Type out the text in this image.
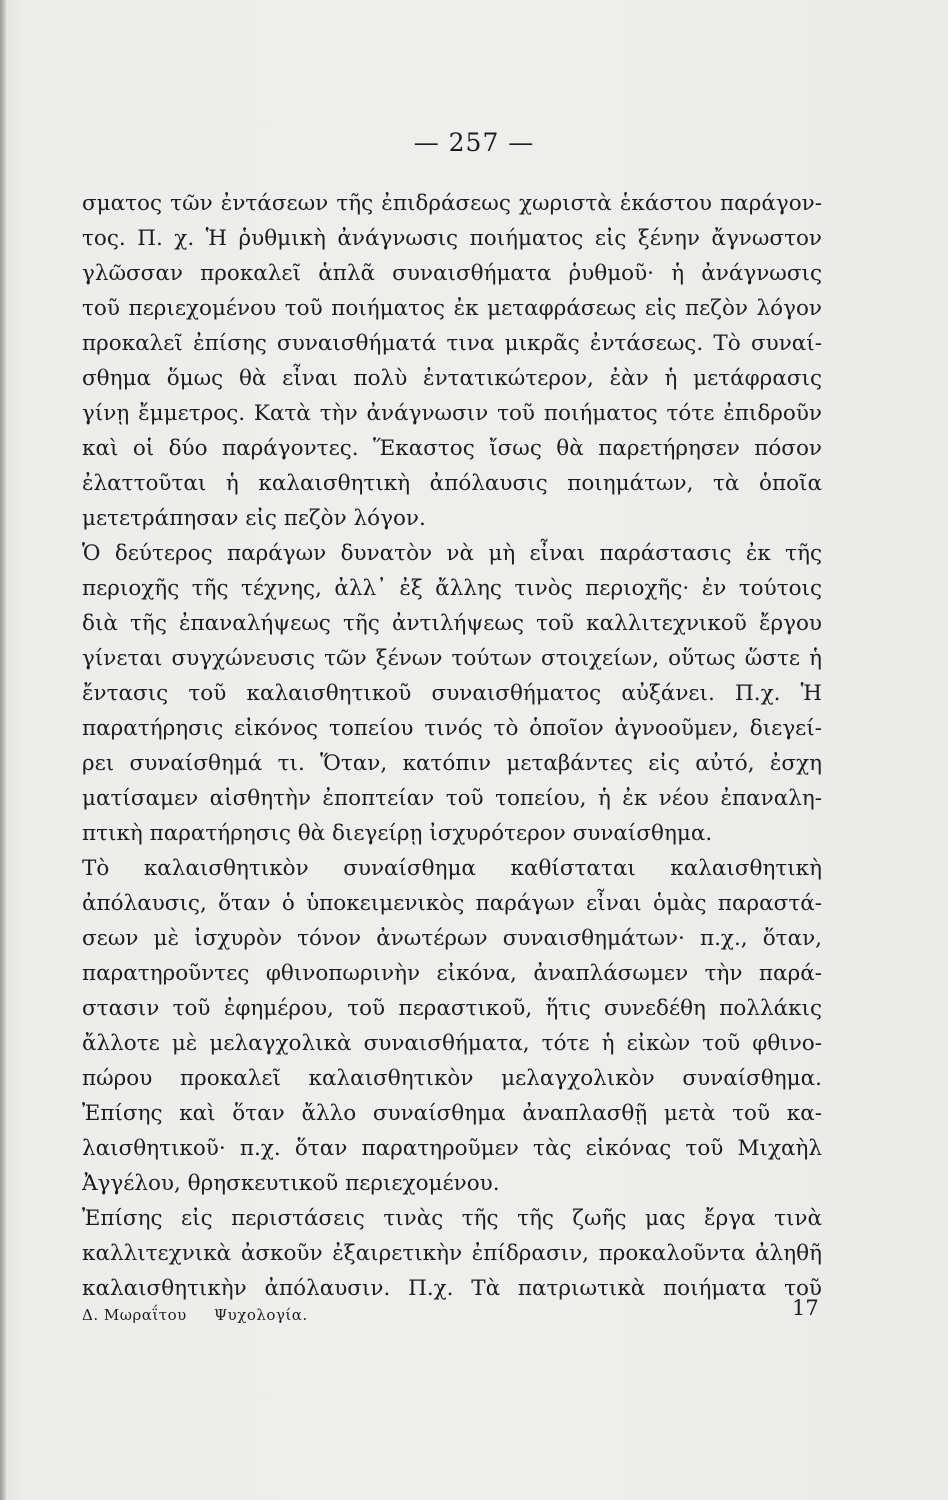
— 257 —
σματος τῶν ἐντάσεων τῆς ἐπιδράσεως χωριστὰ ἑκάστου παράγον-
τος. Π. χ. Ἡ ῥυθμικὴ ἀνάγνωσις ποιήματος εἰς ξένην ἄγνωστον
γλῶσσαν προκαλεῖ ἁπλᾶ συναισθήματα ῥυθμοῦ· ἡ ἀνάγνωσις
τοῦ περιεχομένου τοῦ ποιήματος ἐκ μεταφράσεως εἰς πεζὸν λόγον
προκαλεῖ ἐπίσης συναισθήματά τινα μικρᾶς ἐντάσεως. Τὸ συναί-
σθημα ὅμως θὰ εἶναι πολὺ ἐντατικώτερον, ἐὰν ἡ μετάφρασις
γίνῃ ἔμμετρος. Κατὰ τὴν ἀνάγνωσιν τοῦ ποιήματος τότε ἐπιδροῦν
καὶ οἱ δύο παράγοντες. Ἕκαστος ἴσως θὰ παρετήρησεν πόσον
ἐλαττοῦται ἡ καλαισθητικὴ ἀπόλαυσις ποιημάτων, τὰ ὁποῖα
μετετράπησαν εἰς πεζὸν λόγον.
Ὁ δεύτερος παράγων δυνατὸν νὰ μὴ εἶναι παράστασις ἐκ τῆς
περιοχῆς τῆς τέχνης, ἀλλ᾽ ἐξ ἄλλης τινὸς περιοχῆς· ἐν τούτοις
διὰ τῆς ἐπαναλήψεως τῆς ἀντιλήψεως τοῦ καλλιτεχνικοῦ ἔργου
γίνεται συγχώνευσις τῶν ξένων τούτων στοιχείων, οὕτως ὥστε ἡ
ἔντασις τοῦ καλαισθητικοῦ συναισθήματος αὐξάνει. Π.χ. Ἡ
παρατήρησις εἰκόνος τοπείου τινός τὸ ὁποῖον ἀγνοοῦμεν, διεγεί-
ρει συναίσθημά τι. Ὅταν, κατόπιν μεταβάντες εἰς αὐτό, ἐσχη
ματίσαμεν αἰσθητὴν ἐποπτείαν τοῦ τοπείου, ἡ ἐκ νέου ἐπαναλη-
πτικὴ παρατήρησις θὰ διεγείρῃ ἰσχυρότερον συναίσθημα.
Τὸ καλαισθητικὸν συναίσθημα καθίσταται καλαισθητικὴ
ἀπόλαυσις, ὅταν ὁ ὑποκειμενικὸς παράγων εἶναι ὁμὰς παραστά-
σεων μὲ ἰσχυρὸν τόνον ἀνωτέρων συναισθημάτων· π.χ., ὅταν,
παρατηροῦντες φθινοπωρινὴν εἰκόνα, ἀναπλάσωμεν τὴν παρά-
στασιν τοῦ ἐφημέρου, τοῦ περαστικοῦ, ἥτις συνεδέθη πολλάκις
ἄλλοτε μὲ μελαγχολικὰ συναισθήματα, τότε ἡ εἰκὼν τοῦ φθινο-
πώρου προκαλεῖ καλαισθητικὸν μελαγχολικὸν συναίσθημα.
Ἐπίσης καὶ ὅταν ἄλλο συναίσθημα ἀναπλασθῇ μετὰ τοῦ κα-
λαισθητικοῦ· π.χ. ὅταν παρατηροῦμεν τὰς εἰκόνας τοῦ Μιχαὴλ
Ἀγγέλου, θρησκευτικοῦ περιεχομένου.
Ἐπίσης εἰς περιστάσεις τινὰς τῆς τῆς ζωῆς μας ἔργα τινὰ
καλλιτεχνικὰ ἀσκοῦν ἐξαιρετικὴν ἐπίδρασιν, προκαλοῦντα ἀληθῆ
καλαισθητικὴν ἀπόλαυσιν. Π.χ. Τὰ πατριωτικὰ ποιήματα τοῦ
Δ. Μωραΐτου Ψυχολογία.	17
